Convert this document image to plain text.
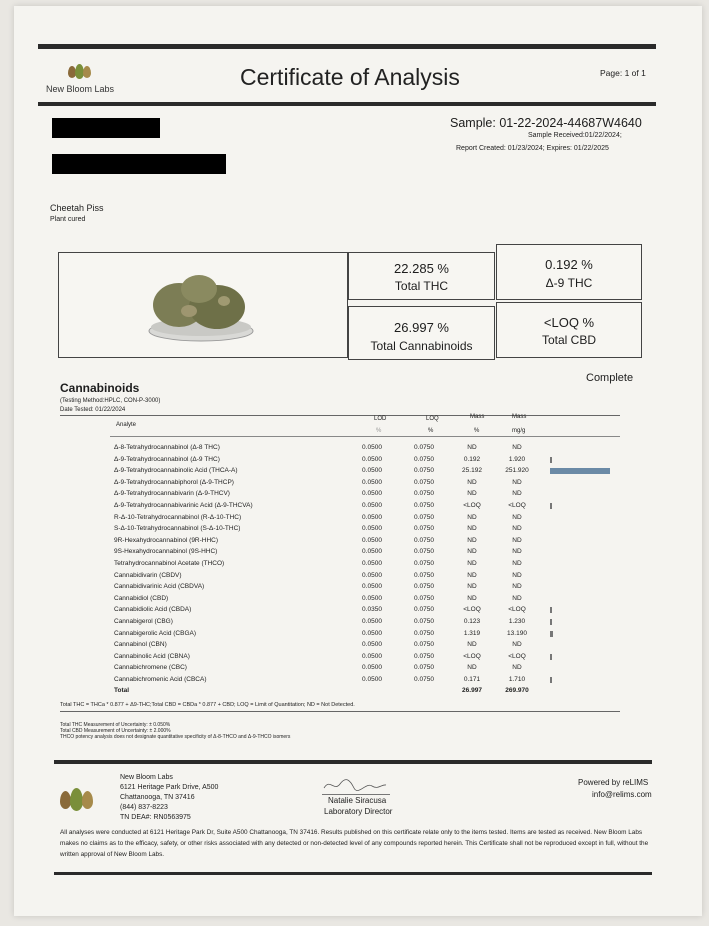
New Bloom Labs	Certificate of Analysis	Page: 1 of 1
Sample: 01-22-2024-44687W4640
Sample Received:01/22/2024;
Report Created: 01/23/2024; Expires: 01/22/2025
Cheetah Piss
Plant cured
22.285 %
Total THC
0.192 %
Δ-9 THC
26.997 %
Total Cannabinoids
<LOQ %
Total CBD
Cannabinoids
Complete
(Testing Method:HPLC, CON-P-3000)
Date Tested: 01/22/2024
Analyte
LOD	LOQ	Mass	Mass
%	%	%	mg/g
Δ-8-Tetrahydrocannabinol (Δ-8 THC)	0.0500	0.0750	ND	ND	
Δ-9-Tetrahydrocannabinol (Δ-9 THC)	0.0500	0.0750	0.192	1.920	

Δ-9-Tetrahydrocannabinolic Acid (THCA-A)	0.0500	0.0750	25.192	251.920	

Δ-9-Tetrahydrocannabiphorol (Δ-9-THCP)	0.0500	0.0750	ND	ND	
Δ-9-Tetrahydrocannabivarin (Δ-9-THCV)	0.0500	0.0750	ND	ND	
Δ-9-Tetrahydrocannabivarinic Acid (Δ-9-THCVA)	0.0500	0.0750	<LOQ	<LOQ	

R-Δ-10-Tetrahydrocannabinol (R-Δ-10-THC)	0.0500	0.0750	ND	ND	
S-Δ-10-Tetrahydrocannabinol (S-Δ-10-THC)	0.0500	0.0750	ND	ND	
9R-Hexahydrocannabinol (9R-HHC)	0.0500	0.0750	ND	ND	
9S-Hexahydrocannabinol (9S-HHC)	0.0500	0.0750	ND	ND	
Tetrahydrocannabinol Acetate (THCO)	0.0500	0.0750	ND	ND	
Cannabidivarin (CBDV)	0.0500	0.0750	ND	ND	
Cannabidivarinic Acid (CBDVA)	0.0500	0.0750	ND	ND	
Cannabidiol (CBD)	0.0500	0.0750	ND	ND	
Cannabidiolic Acid (CBDA)	0.0350	0.0750	<LOQ	<LOQ	

Cannabigerol (CBG)	0.0500	0.0750	0.123	1.230	

Cannabigerolic Acid (CBGA)	0.0500	0.0750	1.319	13.190	

Cannabinol (CBN)	0.0500	0.0750	ND	ND	
Cannabinolic Acid (CBNA)	0.0500	0.0750	<LOQ	<LOQ	

Cannabichromene (CBC)	0.0500	0.0750	ND	ND	
Cannabichromenic Acid (CBCA)	0.0500	0.0750	0.171	1.710	

Total			26.997	269.970	
Total THC = THCa * 0.877 + Δ9-THC;Total CBD = CBDa * 0.877 + CBD; LOQ = Limit of Quantitation; ND = Not Detected.
Total THC Measurement of Uncertainty: ± 0.050%
Total CBD Measurement of Uncertainty: ± 2.000%
THCO potency analysis does not designate quantitative specificity of Δ-8-THCO and Δ-9-THCO isomers
New Bloom Labs
6121 Heritage Park Drive, A500
Chattanooga, TN 37416
(844) 837-8223
TN DEA#: RN0563975
Natalie Siracusa
Laboratory Director
Powered by reLIMS
info@relims.com
All analyses were conducted at 6121 Heritage Park Dr, Suite A500 Chattanooga, TN 37416. Results published on this certificate relate only to the items tested. Items are tested as received. New Bloom Labs makes no claims as to the efficacy, safety, or other risks associated with any detected or non-detected level of any compounds reported herein. This Certificate shall not be reproduced except in full, without the written approval of New Bloom Labs.
